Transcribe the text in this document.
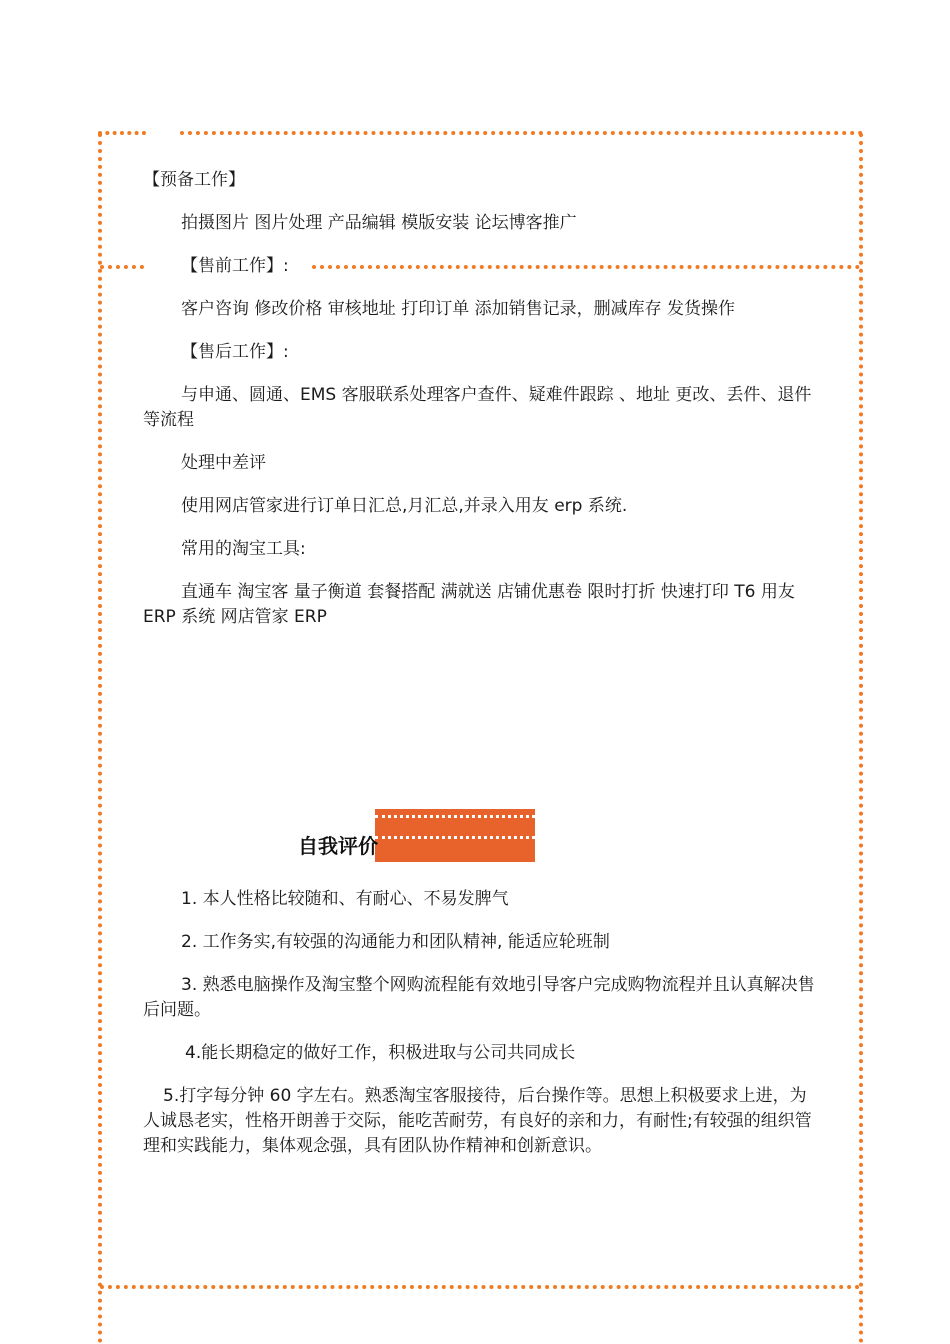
【预备工作】
拍摄图片 图片处理 产品编辑 模版安装 论坛博客推广
【售前工作】:
客户咨询 修改价格 审核地址 打印订单 添加销售记录，删减库存 发货操作
【售后工作】:
与申通、圆通、EMS 客服联系处理客户查件、疑难件跟踪 、地址 更改、丢件、退件等流程
处理中差评
使用网店管家进行订单日汇总,月汇总,并录入用友 erp 系统.
常用的淘宝工具:
直通车 淘宝客 量子衡道 套餐搭配 满就送 店铺优惠卷 限时打折 快速打印 T6 用友 ERP 系统 网店管家 ERP
自我评价
1. 本人性格比较随和、有耐心、不易发脾气
2. 工作务实,有较强的沟通能力和团队精神, 能适应轮班制
3. 熟悉电脑操作及淘宝整个网购流程能有效地引导客户完成购物流程并且认真解决售后问题。
4.能长期稳定的做好工作，积极进取与公司共同成长
5.打字每分钟 60 字左右。熟悉淘宝客服接待，后台操作等。思想上积极要求上进，为人诚恳老实，性格开朗善于交际，能吃苦耐劳，有良好的亲和力，有耐性;有较强的组织管理和实践能力，集体观念强，具有团队协作精神和创新意识。
